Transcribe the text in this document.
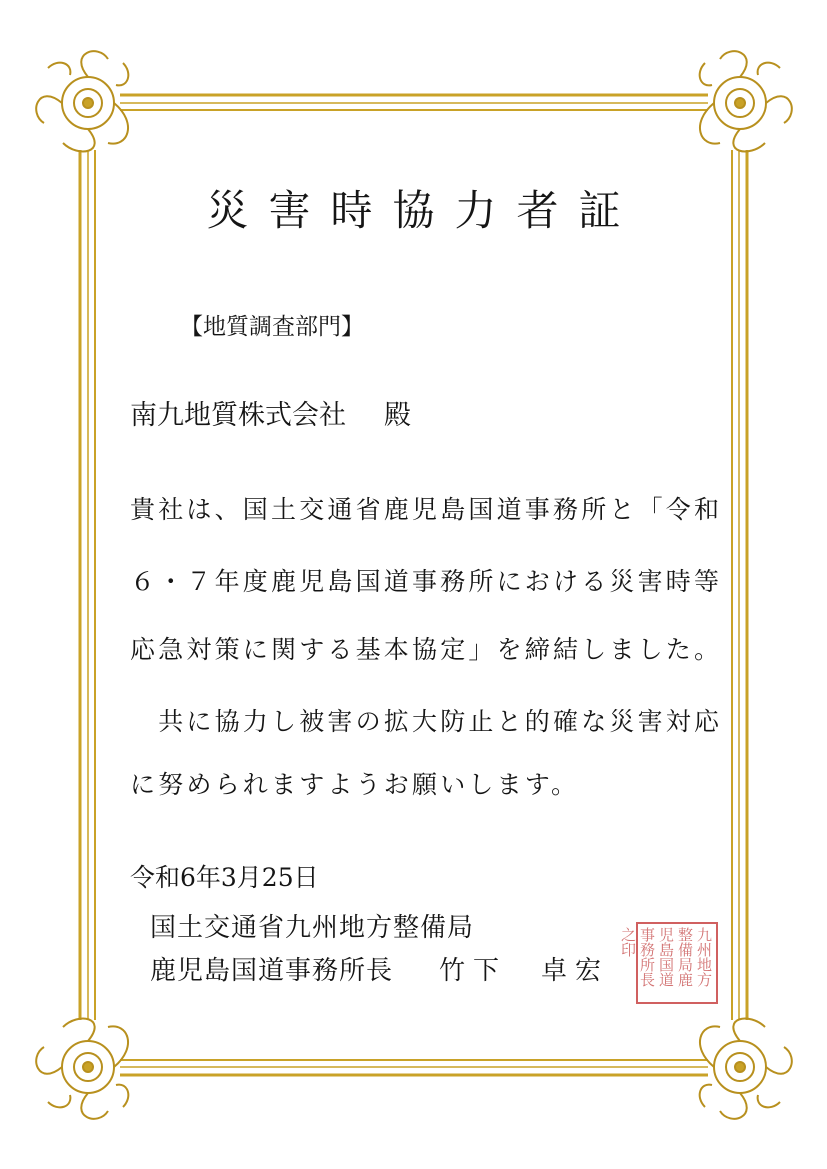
災害時協力者証
【地質調査部門】
南九地質株式会社 殿
貴社は、国土交通省鹿児島国道事務所と「令和
６・７年度鹿児島国道事務所における災害時等
応急対策に関する基本協定」を締結しました。
　共に協力し被害の拡大防止と的確な災害対応
に努められますようお願いします。
令和6年3月25日
国土交通省九州地方整備局
鹿児島国道事務所長 竹下　卓宏	九州地方整備局鹿児島国道事務所長之印
